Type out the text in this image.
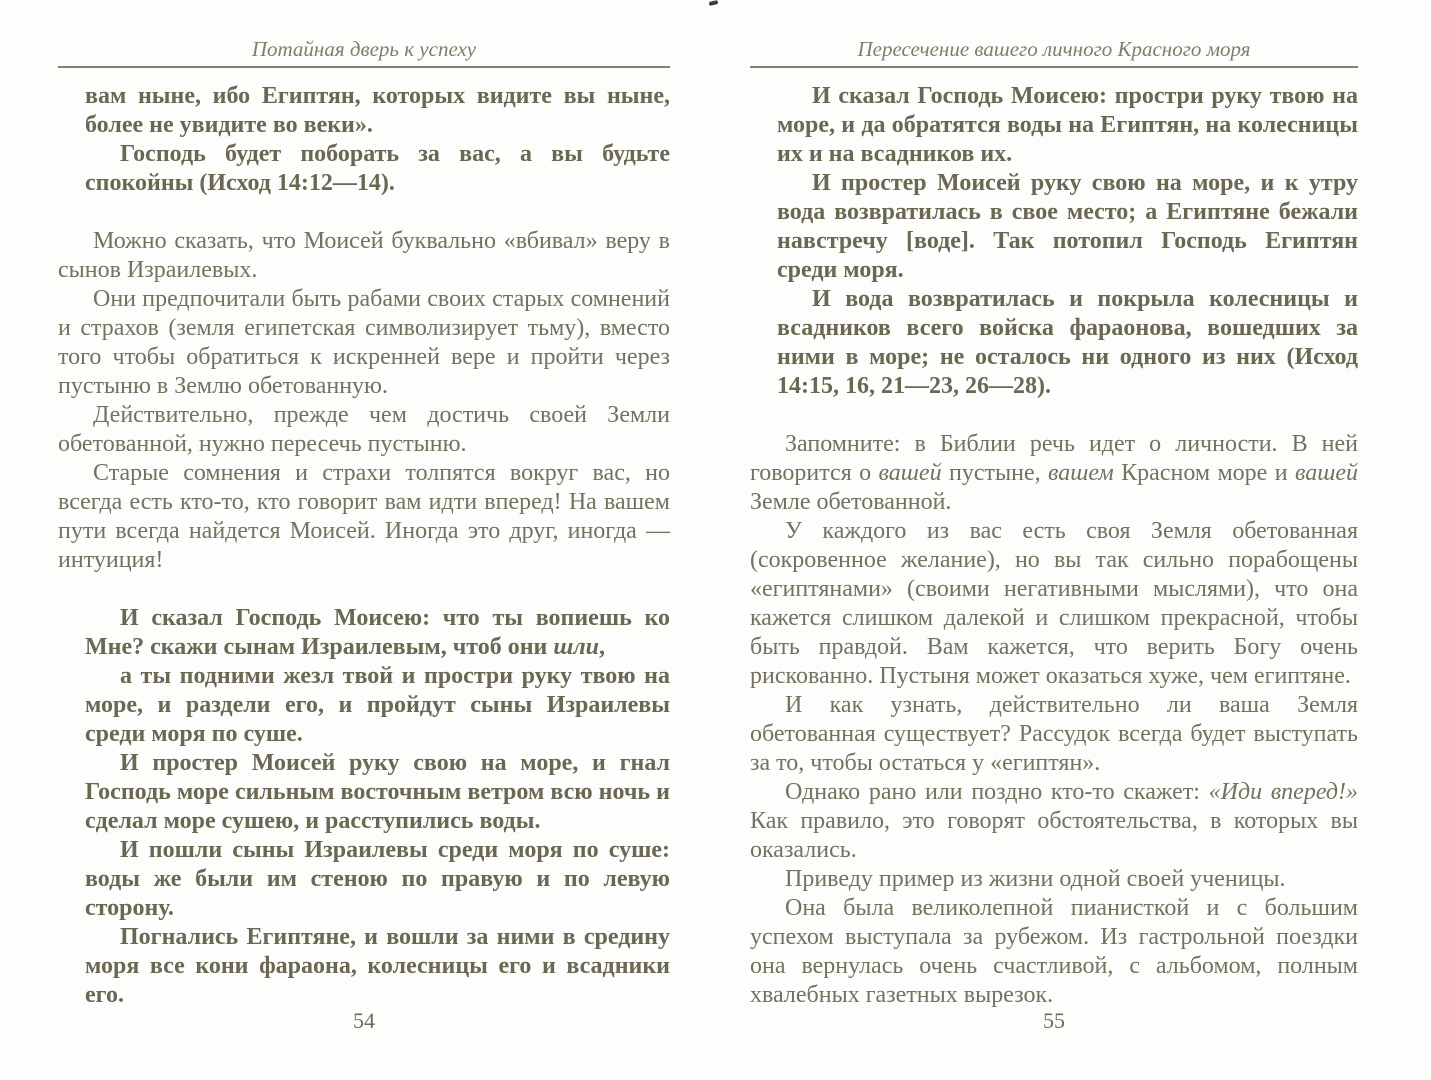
Потайная дверь к успеху

вам ныне, ибо Египтян, которых видите вы ныне, более не увидите во веки».

Господь будет поборать за вас, а вы будьте спокойны (Исход 14:12—14).

Можно сказать, что Моисей буквально «вбивал» веру в сынов Израилевых.

Они предпочитали быть рабами своих старых сомнений и страхов (земля египетская символизирует тьму), вместо того чтобы обратиться к искренней вере и пройти через пустыню в Землю обетованную.

Действительно, прежде чем достичь своей Земли обетованной, нужно пересечь пустыню.

Старые сомнения и страхи толпятся вокруг вас, но всегда есть кто-то, кто говорит вам идти вперед! На вашем пути всегда найдется Моисей. Иногда это друг, иногда — интуиция!

И сказал Господь Моисею: что ты вопиешь ко Мне? скажи сынам Израилевым, чтоб они шли,

а ты подними жезл твой и простри руку твою на море, и раздели его, и пройдут сыны Израилевы среди моря по суше.

И простер Моисей руку свою на море, и гнал Господь море сильным восточным ветром всю ночь и сделал море сушею, и расступились воды.

И пошли сыны Израилевы среди моря по суше: воды же были им стеною по правую и по левую сторону.

Погнались Египтяне, и вошли за ними в средину моря все кони фараона, колесницы его и всадники его.

54
Пересечение вашего личного Красного моря

И сказал Господь Моисею: простри руку твою на море, и да обратятся воды на Египтян, на колесницы их и на всадников их.

И простер Моисей руку свою на море, и к утру вода возвратилась в свое место; а Египтяне бежали навстречу [воде]. Так потопил Господь Египтян среди моря.

И вода возвратилась и покрыла колесницы и всадников всего войска фараонова, вошедших за ними в море; не осталось ни одного из них (Исход 14:15, 16, 21—23, 26—28).

Запомните: в Библии речь идет о личности. В ней говорится о вашей пустыне, вашем Красном море и вашей Земле обетованной.

У каждого из вас есть своя Земля обетованная (сокровенное желание), но вы так сильно порабощены «египтянами» (своими негативными мыслями), что она кажется слишком далекой и слишком прекрасной, чтобы быть правдой. Вам кажется, что верить Богу очень рискованно. Пустыня может оказаться хуже, чем египтяне.

И как узнать, действительно ли ваша Земля обетованная существует? Рассудок всегда будет выступать за то, чтобы остаться у «египтян».

Однако рано или поздно кто-то скажет: «Иди вперед!» Как правило, это говорят обстоятельства, в которых вы оказались.

Приведу пример из жизни одной своей ученицы.

Она была великолепной пианисткой и с большим успехом выступала за рубежом. Из гастрольной поездки она вернулась очень счастливой, с альбомом, полным хвалебных газетных вырезок.

55
